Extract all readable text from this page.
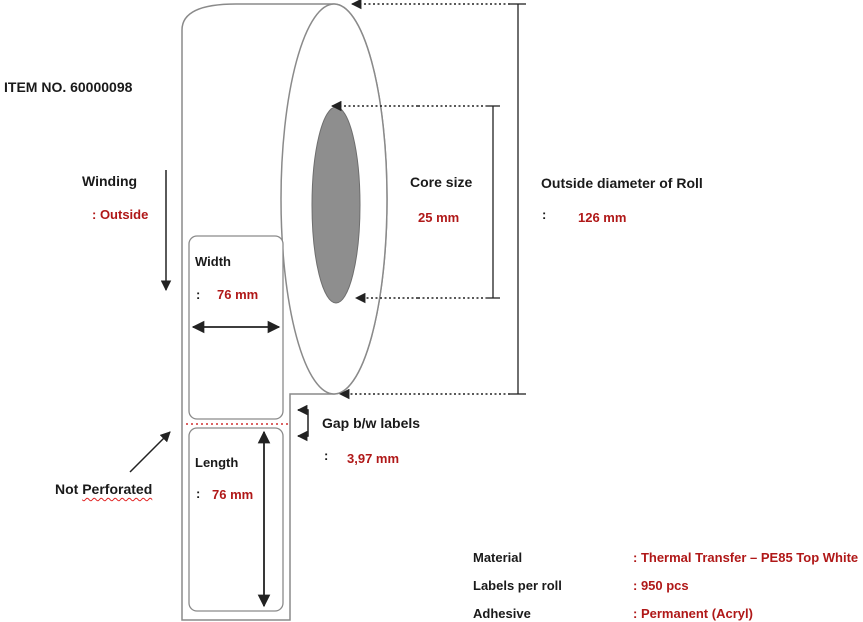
ITEM NO. 60000098
Winding
: Outside
Core size
25 mm
Outside diameter of Roll
: 126 mm
Width
: 76 mm
Gap b/w labels
: 3,97 mm
Length
: 76 mm
Not Perforated
Material	: Thermal Transfer – PE85 Top White
Labels per roll	: 950 pcs
Adhesive	: Permanent (Acryl)
